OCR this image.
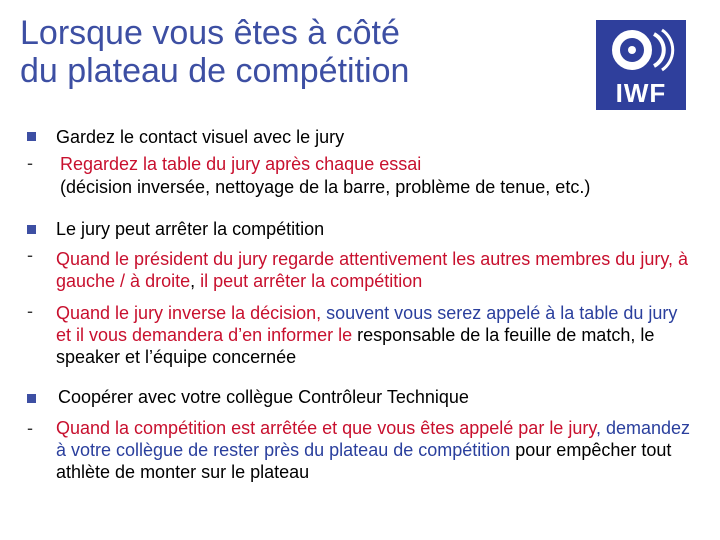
Lorsque vous êtes à côté
du plateau de compétition
IWF
Gardez le contact visuel avec le jury
- Regardez la table du jury après chaque essai
(décision inversée, nettoyage de la barre, problème de tenue, etc.)
Le jury peut arrêter la compétition
- Quand le président du jury regarde attentivement les autres membres du jury, à gauche / à droite, il peut arrêter la compétition
- Quand le jury inverse la décision, souvent vous serez appelé à la table du jury et il vous demandera d’en informer le responsable de la feuille de match, le speaker et l’équipe concernée
Coopérer avec votre collègue Contrôleur Technique
- Quand la compétition est arrêtée et que vous êtes appelé par le jury, demandez à votre collègue de rester près du plateau de compétition pour empêcher tout athlète de monter sur le plateau
